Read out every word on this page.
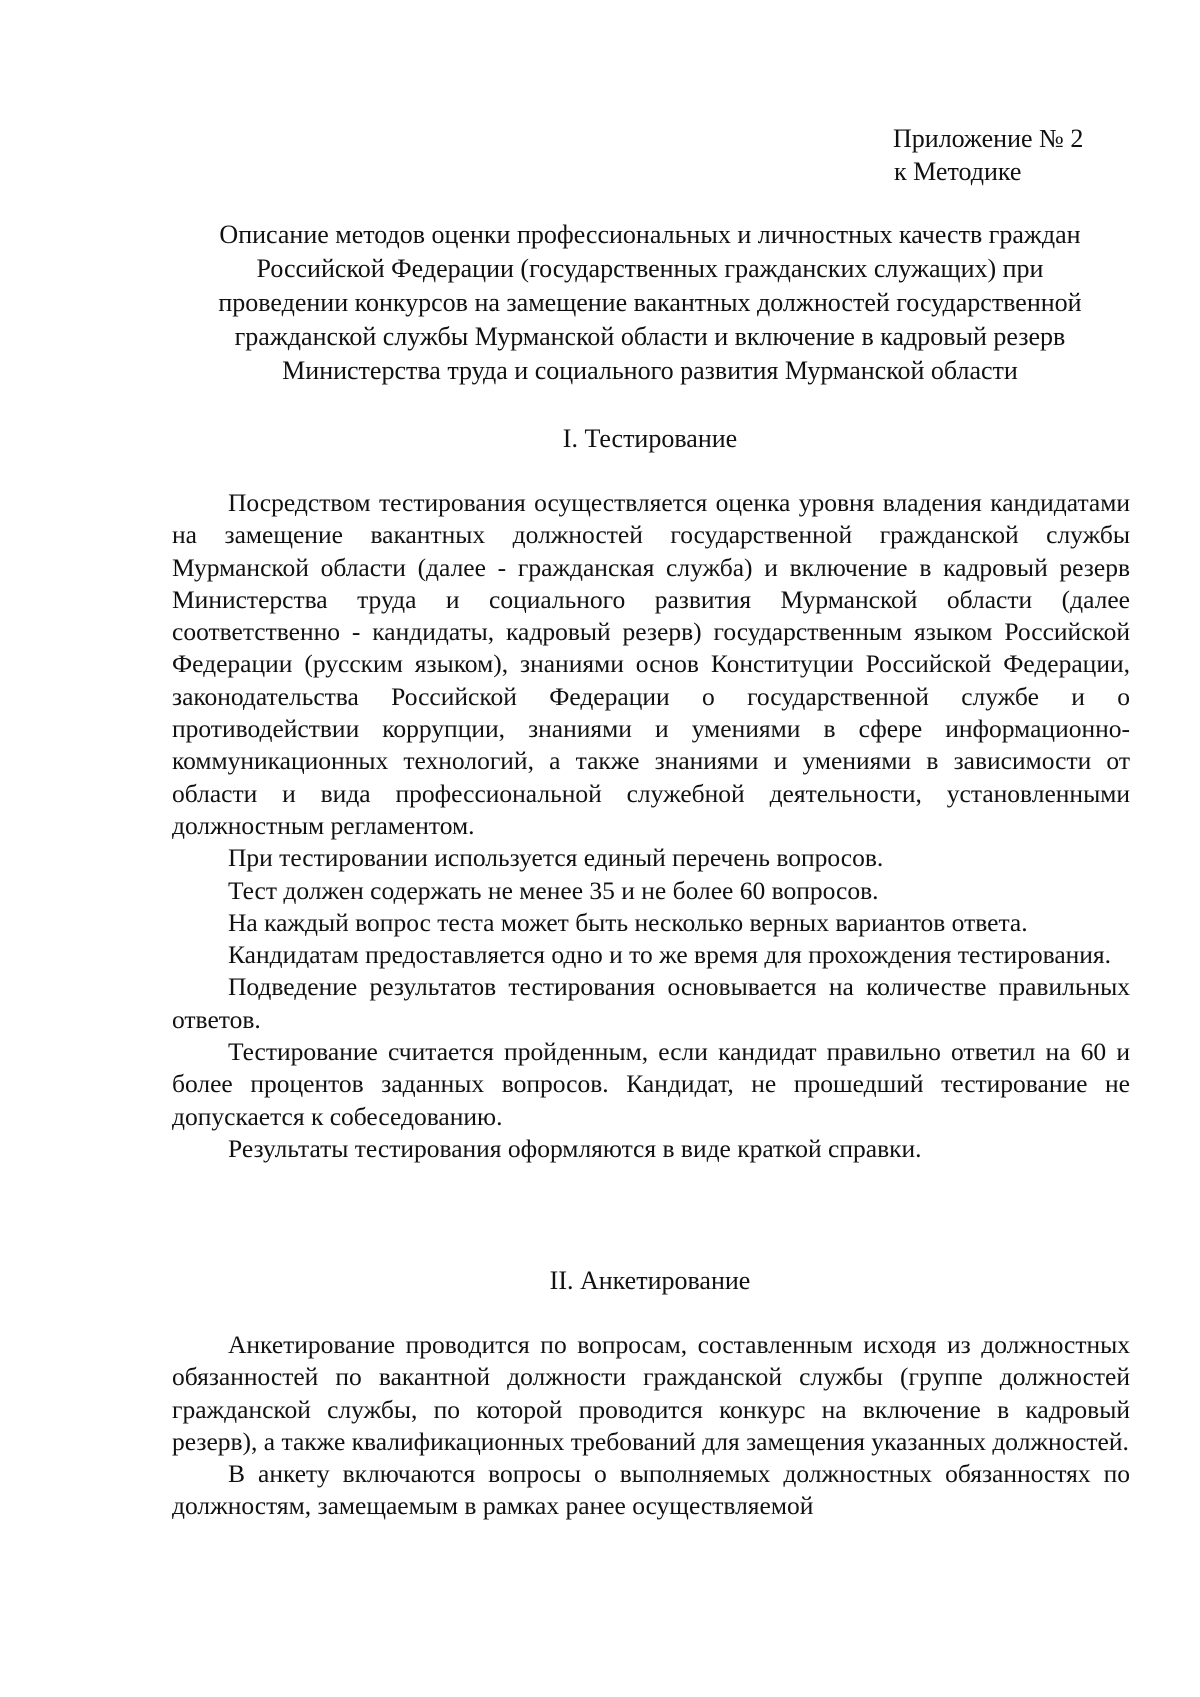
Приложение № 2
к Методике
Описание методов оценки профессиональных и личностных качеств граждан
Российской Федерации (государственных гражданских служащих) при
проведении конкурсов на замещение вакантных должностей государственной
гражданской службы Мурманской области и включение в кадровый резерв
Министерства труда и социального развития Мурманской области
I. Тестирование

Посредством тестирования осуществляется оценка уровня владения кандидатами на замещение вакантных должностей государственной гражданской службы Мурманской области (далее - гражданская служба) и включение в кадровый резерв Министерства труда и социального развития Мурманской области (далее соответственно - кандидаты, кадровый резерв) государственным языком Российской Федерации (русским языком), знаниями основ Конституции Российской Федерации, законодательства Российской Федерации о государственной службе и о противодействии коррупции, знаниями и умениями в сфере информационно-коммуникационных технологий, а также знаниями и умениями в зависимости от области и вида профессиональной служебной деятельности, установленными должностным регламентом.

При тестировании используется единый перечень вопросов.

Тест должен содержать не менее 35 и не более 60 вопросов.

На каждый вопрос теста может быть несколько верных вариантов ответа.

Кандидатам предоставляется одно и то же время для прохождения тестирования.

Подведение результатов тестирования основывается на количестве правильных ответов.

Тестирование считается пройденным, если кандидат правильно ответил на 60 и более процентов заданных вопросов. Кандидат, не прошедший тестирование не допускается к собеседованию.

Результаты тестирования оформляются в виде краткой справки.

II. Анкетирование

Анкетирование проводится по вопросам, составленным исходя из должностных обязанностей по вакантной должности гражданской службы (группе должностей гражданской службы, по которой проводится конкурс на включение в кадровый резерв), а также квалификационных требований для замещения указанных должностей.

В анкету включаются вопросы о выполняемых должностных обязанностях по должностям, замещаемым в рамках ранее осуществляемой
